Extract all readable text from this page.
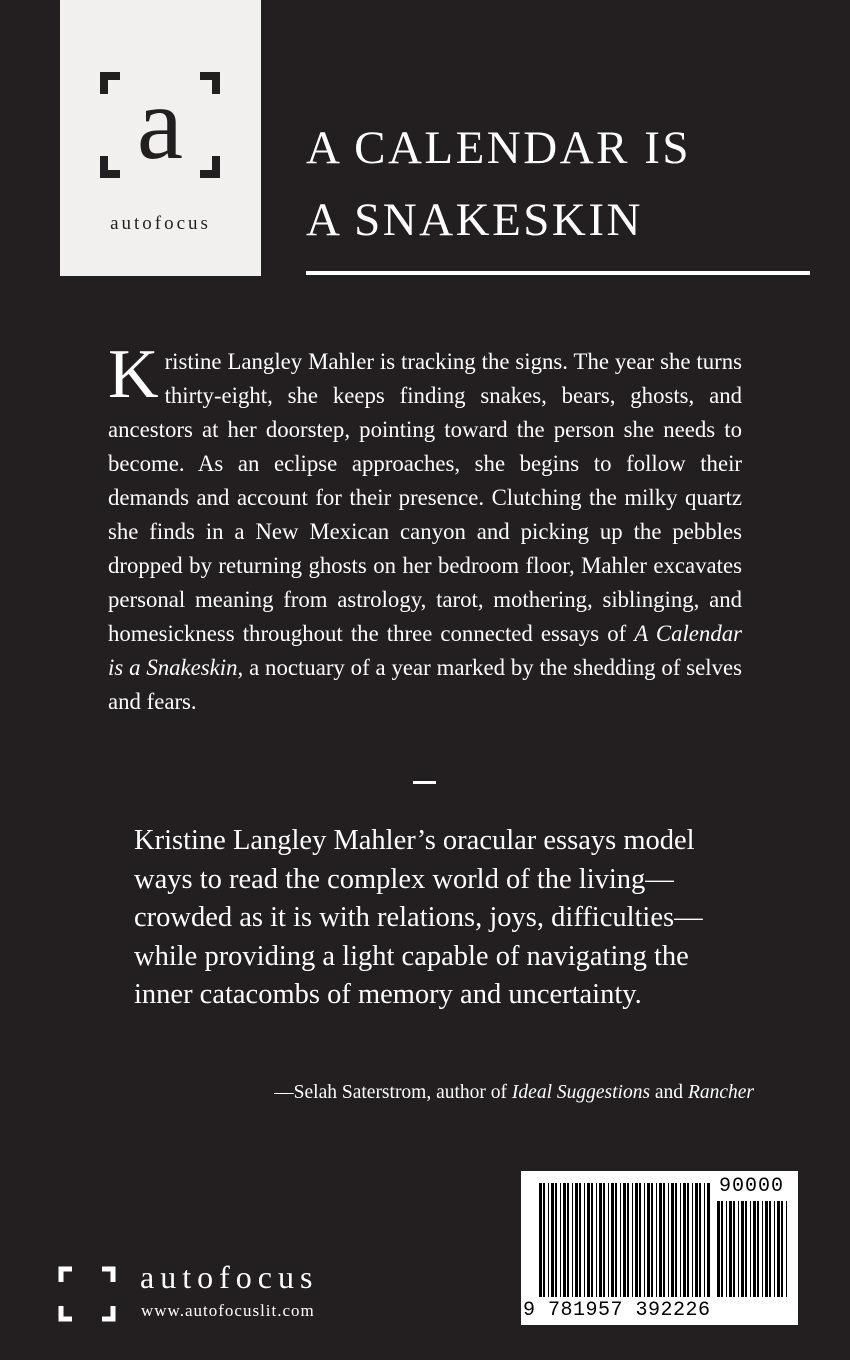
a
autofocus
A CALENDAR IS
A SNAKESKIN

Kristine Langley Mahler is tracking the signs. The year she turns thirty-eight, she keeps finding snakes, bears, ghosts, and ancestors at her doorstep, pointing toward the person she needs to become. As an eclipse approaches, she begins to follow their demands and account for their presence. Clutching the milky quartz she finds in a New Mexican canyon and picking up the pebbles dropped by returning ghosts on her bedroom floor, Mahler excavates personal meaning from astrology, tarot, mothering, siblinging, and homesickness throughout the three connected essays of A Calendar is a Snakeskin, a noctuary of a year marked by the shedding of selves and fears.

Kristine Langley Mahler’s oracular essays model ways to read the complex world of the living—crowded as it is with relations, joys, difficulties—while providing a light capable of navigating the inner catacombs of memory and uncertainty.

—Selah Saterstrom, author of Ideal Suggestions and Rancher

autofocus
www.autofocuslit.com
90000
9 781957 392226
